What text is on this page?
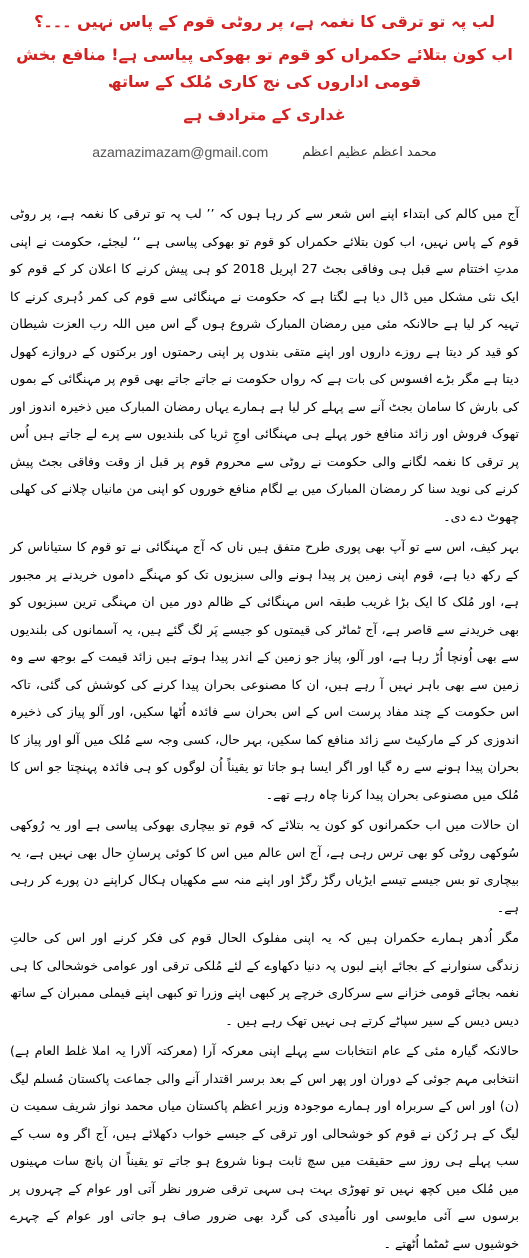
لب پہ تو ترقی کا نغمہ ہے، پر روٹی قوم کے پاس نہیں ۔۔۔؟
اب کون بتلائے حکمراں کو قوم تو بھوکی پیاسی ہے! منافع بخش قومی اداروں کی نج کاری مُلک کے ساتھ
غداری کے مترادف ہے
azamazimazam@gmail.com	محمد اعظم عظیم اعظم

آج میں کالم کی ابتداء اپنے اس شعر سے کر رہا ہوں کہ ’’ لب پہ تو ترقی کا نغمہ ہے، پر روٹی قوم کے پاس نہیں، اب کون بتلائے حکمراں کو قوم تو بھوکی پیاسی ہے ‘‘ لیجئے، حکومت نے اپنی مدتِ اختتام سے قبل ہی وفاقی بجٹ 27 اپریل 2018 کو ہی پیش کرنے کا اعلان کر کے قوم کو ایک نئی مشکل میں ڈال دیا ہے لگتا ہے کہ حکومت نے مہنگائی سے قوم کی کمر دُہری کرنے کا تہیہ کر لیا ہے حالانکہ مئی میں رمضان المبارک شروع ہوں گے اس میں اللہ رب العزت شیطان کو قید کر دیتا ہے روزے داروں اور اپنے متقی بندوں پر اپنی رحمتوں اور برکتوں کے دروازے کھول دیتا ہے مگر بڑے افسوس کی بات ہے کہ رواں حکومت نے جاتے جاتے بھی قوم پر مہنگائی کے بموں کی بارش کا سامان بجٹ آنے سے پہلے کر لیا ہے ہمارے یہاں رمضان المبارک میں ذخیرہ اندوز اور تھوک فروش اور زائد منافع خور پہلے ہی مہنگائی اوجِ ثریا کی بلندیوں سے پرے لے جاتے ہیں اُس پر ترقی کا نغمہ لگانے والی حکومت نے روٹی سے محروم قوم پر قبل از وقت وفاقی بجٹ پیش کرنے کی نوید سنا کر رمضان المبارک میں بے لگام منافع خوروں کو اپنی من مانیاں چلانے کی کھلی چھوٹ دے دی۔

بہر کیف، اس سے تو آپ بھی پوری طرح متفق ہیں ناں کہ آج مہنگائی نے تو قوم کا ستیاناس کر کے رکھ دیا ہے، قوم اپنی زمین پر پیدا ہونے والی سبزیوں تک کو مہنگے داموں خریدنے پر مجبور ہے، اور مُلک کا ایک بڑا غریب طبقہ اس مہنگائی کے ظالم دور میں ان مہنگی ترین سبزیوں کو بھی خریدنے سے قاصر ہے، آج ٹماٹر کی قیمتوں کو جیسے پَر لگ گئے ہیں، یہ آسمانوں کی بلندیوں سے بھی اُونچا اُڑ رہا ہے، اور آلو، پیاز جو زمین کے اندر پیدا ہوتے ہیں زائد قیمت کے بوجھ سے وہ زمین سے بھی باہر نہیں آ رہے ہیں، ان کا مصنوعی بحران پیدا کرنے کی کوشش کی گئی، تاکہ اس حکومت کے چند مفاد پرست اس کے اس بحران سے فائدہ اُٹھا سکیں، اور آلو پیاز کی ذخیرہ اندوزی کر کے مارکیٹ سے زائد منافع کما سکیں، بہر حال، کسی وجہ سے مُلک میں آلو اور پیاز کا بحران پیدا ہونے سے رہ گیا اور اگر ایسا ہو جاتا تو یقیناً اُن لوگوں کو ہی فائدہ پہنچتا جو اس کا مُلک میں مصنوعی بحران پیدا کرنا چاہ رہے تھے۔

ان حالات میں اب حکمرانوں کو کون یہ بتلائے کہ قوم تو بیچاری بھوکی پیاسی ہے اور یہ رُوکھی سُوکھی روٹی کو بھی ترس رہی ہے، آج اس عالم میں اس کا کوئی پرسانِ حال بھی نہیں ہے، یہ بیچاری تو بس جیسے تیسے ایڑیاں رگڑ رگڑ اور اپنے منہ سے مکھیاں ہکال کراپنے دن پورے کر رہی ہے۔

مگر اُدھر ہمارے حکمران ہیں کہ یہ اپنی مفلوک الحال قوم کی فکر کرنے اور اس کی حالتِ زندگی سنوارنے کے بجائے اپنے لبوں پہ دنیا دکھاوے کے لئے مُلکی ترقی اور عوامی خوشحالی کا ہی نغمہ بجائے قومی خزانے سے سرکاری خرچے پر کبھی اپنے وزرا تو کبھی اپنے فیملی ممبران کے ساتھ دیس دیس کے سیر سپاٹے کرتے ہی نہیں تھک رہے ہیں ۔

حالانکہ گیارہ مئی کے عام انتخابات سے پہلے اپنی معرکہ آرا (معرکتہ آلارا یہ املا غلط العام ہے) انتخابی مہم جوئی کے دوران اور پھر اس کے بعد برسر اقتدار آنے والی جماعت پاکستان مُسلم لیگ (ن) اور اس کے سربراہ اور ہمارے موجودہ وزیر اعظم پاکستان میاں محمد نواز شریف سمیت ن لیگ کے ہر رُکن نے قوم کو خوشحالی اور ترقی کے جیسے خواب دکھلائے ہیں، آج اگر وہ سب کے سب پہلے ہی روز سے حقیقت میں سچ ثابت ہونا شروع ہو جاتے تو یقیناً ان پانچ سات مہینوں میں مُلک میں کچھ نہیں تو تھوڑی بہت ہی سہی ترقی ضرور نظر آتی اور عوام کے چہروں پر برسوں سے آئی مایوسی اور نااُمیدی کی گرد بھی ضرور صاف ہو جاتی اور عوام کے چہرے خوشیوں سے ٹمٹما اُٹھتے ۔
